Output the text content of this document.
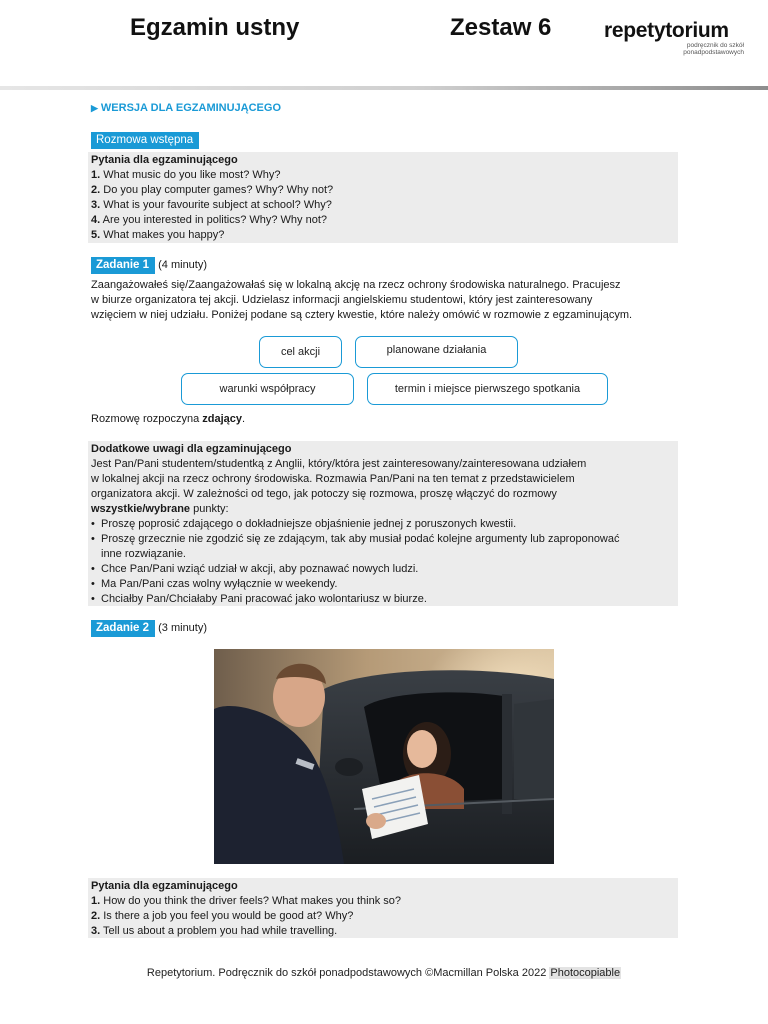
Egzamin ustny	Zestaw 6	repetytorium
podręcznik do szkół
ponadpodstawowych
▶ WERSJA DLA EGZAMINUJĄCEGO
Rozmowa wstępna
Pytania dla egzaminującego
1. What music do you like most? Why?
2. Do you play computer games? Why? Why not?
3. What is your favourite subject at school? Why?
4. Are you interested in politics? Why? Why not?
5. What makes you happy?
Zadanie 1 (4 minuty)
Zaangażowałeś się/Zaangażowałaś się w lokalną akcję na rzecz ochrony środowiska naturalnego. Pracujesz
w biurze organizatora tej akcji. Udzielasz informacji angielskiemu studentowi, który jest zainteresowany
wzięciem w niej udziału. Poniżej podane są cztery kwestie, które należy omówić w rozmowie z egzaminującym.
cel akcji	planowane działania
warunki współpracy	termin i miejsce pierwszego spotkania
Rozmowę rozpoczyna zdający.
Dodatkowe uwagi dla egzaminującego
Jest Pan/Pani studentem/studentką z Anglii, który/która jest zainteresowany/zainteresowana udziałem
w lokalnej akcji na rzecz ochrony środowiska. Rozmawia Pan/Pani na ten temat z przedstawicielem
organizatora akcji. W zależności od tego, jak potoczy się rozmowa, proszę włączyć do rozmowy
wszystkie/wybrane punkty:
• Proszę poprosić zdającego o dokładniejsze objaśnienie jednej z poruszonych kwestii.
• Proszę grzecznie nie zgodzić się ze zdającym, tak aby musiał podać kolejne argumenty lub zaproponować
inne rozwiązanie.
• Chce Pan/Pani wziąć udział w akcji, aby poznawać nowych ludzi.
• Ma Pan/Pani czas wolny wyłącznie w weekendy.
• Chciałby Pan/Chciałaby Pani pracować jako wolontariusz w biurze.
Zadanie 2 (3 minuty)
Pytania dla egzaminującego
1. How do you think the driver feels? What makes you think so?
2. Is there a job you feel you would be good at? Why?
3. Tell us about a problem you had while travelling.
Repetytorium. Podręcznik do szkół ponadpodstawowych ©Macmillan Polska 2022 Photocopiable
